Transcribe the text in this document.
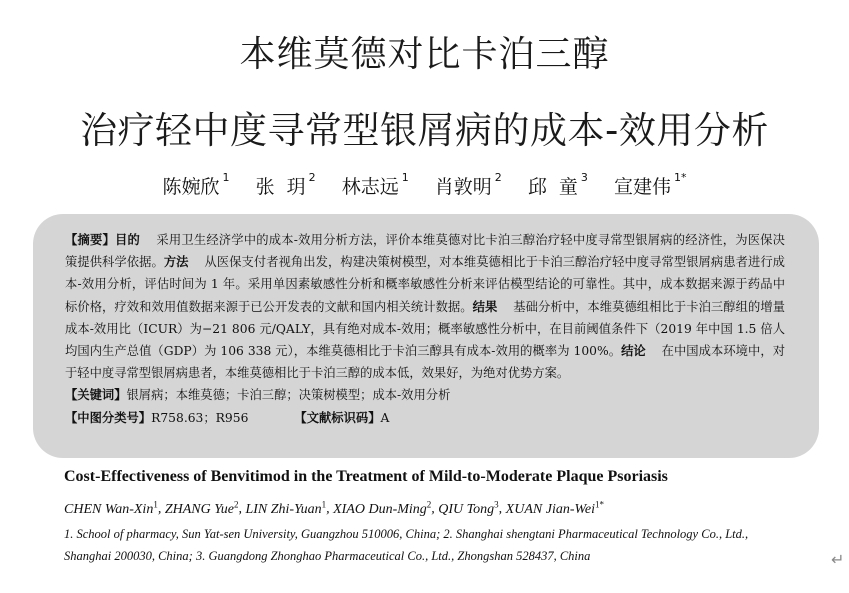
本维莫德对比卡泊三醇
治疗轻中度寻常型银屑病的成本-效用分析
陈婉欣 $^1$ 张  玥 $^2$ 林志远 $^1$ 肖敦明 $^2$ 邱  童 $^3$ 宣建伟 $^{1*}$

【摘要】目的 采用卫生经济学中的成本-效用分析方法，评价本维莫德对比卡泊三醇治疗轻中度寻常型银屑病的经济性，为医保决策提供科学依据。方法 从医保支付者视角出发，构建决策树模型，对本维莫德相比于卡泊三醇治疗轻中度寻常型银屑病患者进行成本-效用分析，评估时间为 1 年。采用单因素敏感性分析和概率敏感性分析来评估模型结论的可靠性。其中，成本数据来源于药品中标价格，疗效和效用值数据来源于已公开发表的文献和国内相关统计数据。结果 基础分析中，本维莫德组相比于卡泊三醇组的增量成本-效用比（ICUR）为−21 806 元/QALY，具有绝对成本-效用；概率敏感性分析中，在目前阈值条件下（2019 年中国 1.5 倍人均国内生产总值（GDP）为 106 338 元），本维莫德相比于卡泊三醇具有成本-效用的概率为 100%。结论 在中国成本环境中，对于轻中度寻常型银屑病患者，本维莫德相比于卡泊三醇的成本低，效果好，为绝对优势方案。

【关键词】银屑病；本维莫德；卡泊三醇；决策树模型；成本-效用分析

【中图分类号】R758.63；R956	【文献标识码】A

Cost-Effectiveness of Benvitimod in the Treatment of Mild-to-Moderate Plaque Psoriasis
CHEN Wan-Xin$^1$, ZHANG Yue$^2$, LIN Zhi-Yuan$^1$, XIAO Dun-Ming$^2$, QIU Tong$^3$, XUAN Jian-Wei$^{1*}$
1. School of pharmacy, Sun Yat-sen University, Guangzhou 510006, China; 2. Shanghai shengtani Pharmaceutical Technology Co., Ltd., Shanghai 200030, China; 3. Guangdong Zhonghao Pharmaceutical Co., Ltd., Zhongshan 528437, China	↵
